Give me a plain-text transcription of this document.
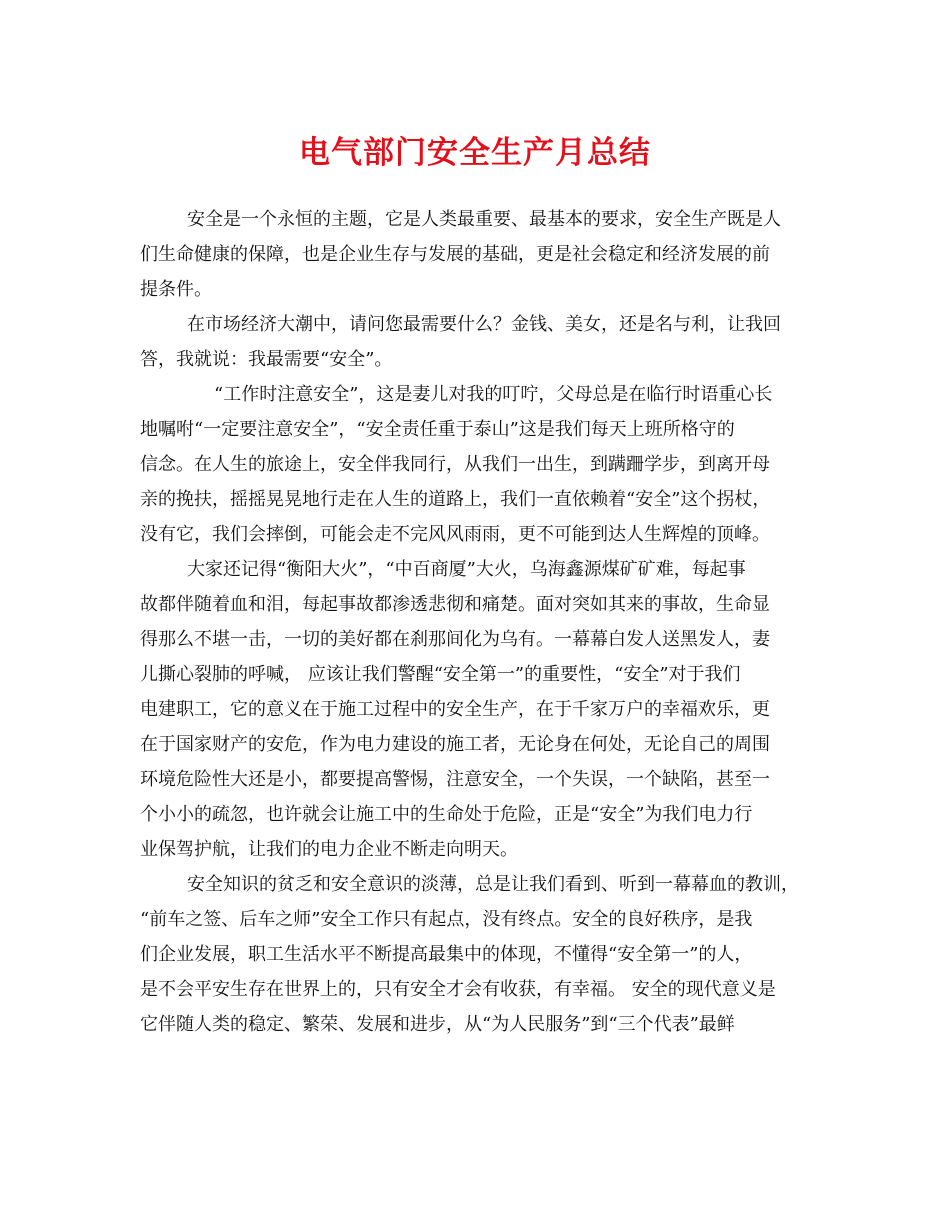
电气部门安全生产月总结
安全是一个永恒的主题，它是人类最重要、最基本的要求，安全生产既是人
们生命健康的保障，也是企业生存与发展的基础，更是社会稳定和经济发展的前
提条件。
在市场经济大潮中，请问您最需要什么？金钱、美女，还是名与利，让我回
答，我就说：我最需要“安全”。
“工作时注意安全”，这是妻儿对我的叮咛，父母总是在临行时语重心长
地嘱咐“一定要注意安全”，“安全责任重于泰山”这是我们每天上班所格守的
信念。在人生的旅途上，安全伴我同行，从我们一出生，到蹒跚学步，到离开母
亲的挽扶，摇摇晃晃地行走在人生的道路上，我们一直依赖着“安全”这个拐杖，
没有它，我们会摔倒，可能会走不完风风雨雨，更不可能到达人生辉煌的顶峰。
大家还记得“衡阳大火”，“中百商厦”大火，乌海鑫源煤矿矿难，每起事
故都伴随着血和泪，每起事故都渗透悲彻和痛楚。面对突如其来的事故，生命显
得那么不堪一击，一切的美好都在刹那间化为乌有。一幕幕白发人送黑发人，妻
儿撕心裂肺的呼喊， 应该让我们警醒“安全第一”的重要性，“安全”对于我们
电建职工，它的意义在于施工过程中的安全生产，在于千家万户的幸福欢乐，更
在于国家财产的安危，作为电力建设的施工者，无论身在何处，无论自己的周围
环境危险性大还是小，都要提高警惕，注意安全，一个失误，一个缺陷，甚至一
个小小的疏忽，也许就会让施工中的生命处于危险，正是“安全”为我们电力行
业保驾护航，让我们的电力企业不断走向明天。
安全知识的贫乏和安全意识的淡薄，总是让我们看到、听到一幕幕血的教训，
“前车之签、后车之师”安全工作只有起点，没有终点。安全的良好秩序，是我
们企业发展，职工生活水平不断提高最集中的体现，不懂得“安全第一”的人，
是不会平安生存在世界上的，只有安全才会有收获，有幸福。 安全的现代意义是
它伴随人类的稳定、繁荣、发展和进步，从“为人民服务”到“三个代表”最鲜
